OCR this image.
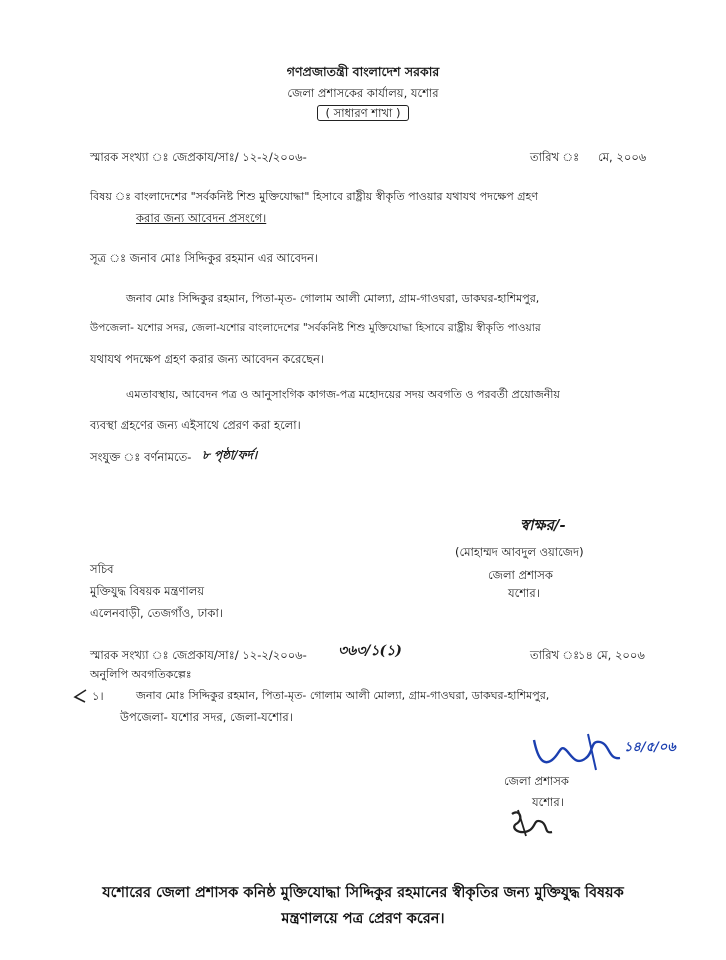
গণপ্রজাতন্ত্রী বাংলাদেশ সরকার
জেলা প্রশাসকের কার্যালয়, যশোর
( সাধারণ শাখা )
স্মারক সংখ্যা ঃ জেপ্রকায/সাঃ/ ১২-২/২০০৬-	তারিখ ঃ মে, ২০০৬
বিষয় ঃ বাংলাদেশের "সর্বকনিষ্ট শিশু মুক্তিযোদ্ধা" হিসাবে রাষ্ট্রীয় স্বীকৃতি পাওয়ার যথাযথ পদক্ষেপ গ্রহণ
করার জন্য আবেদন প্রসংগে।
সূত্র ঃ জনাব মোঃ সিদ্দিকুর রহমান এর আবেদন।
জনাব মোঃ সিদ্দিকুর রহমান, পিতা-মৃত- গোলাম আলী মোল্যা, গ্রাম-গাওঘরা, ডাকঘর-হাশিমপুর,
উপজেলা- যশোর সদর, জেলা-যশোর বাংলাদেশের "সর্বকনিষ্ট শিশু মুক্তিযোদ্ধা হিসাবে রাষ্ট্রীয় স্বীকৃতি পাওয়ার
যথাযথ পদক্ষেপ গ্রহণ করার জন্য আবেদন করেছেন।
এমতাবস্থায়, আবেদন পত্র ও আনুসাংগিক কাগজ-পত্র মহোদয়ের সদয় অবগতি ও পরবর্তী প্রয়োজনীয়
ব্যবস্থা গ্রহণের জন্য এইসাথে প্রেরণ করা হলো।
সংযুক্ত ঃ বর্ণনামতে- ৮ পৃষ্ঠা/ফর্দ।
স্বাক্ষর/-
(মোহাম্মদ আবদুল ওয়াজেদ)
জেলা প্রশাসক
যশোর।
সচিব
মুক্তিযুদ্ধ বিষয়ক মন্ত্রণালয়
এলেনবাড়ী, তেজগাঁও, ঢাকা।
স্মারক সংখ্যা ঃ জেপ্রকায/সাঃ/ ১২-২/২০০৬- ৩৬৩/১(১)	তারিখ ঃ
১৪ মে, ২০০৬
অনুলিপি অবগতিকল্পেঃ
১।	জনাব মোঃ সিদ্দিকুর রহমান, পিতা-মৃত- গোলাম আলী মোল্যা, গ্রাম-গাওঘরা, ডাকঘর-হাশিমপুর,
উপজেলা- যশোর সদর, জেলা-যশোর।
১৪/৫/০৬
জেলা প্রশাসক
যশোর।
যশোরের জেলা প্রশাসক কনিষ্ঠ মুক্তিযোদ্ধা সিদ্দিকুর রহমানের স্বীকৃতির জন্য মুক্তিযুদ্ধ বিষয়ক
মন্ত্রণালয়ে পত্র প্রেরণ করেন।
